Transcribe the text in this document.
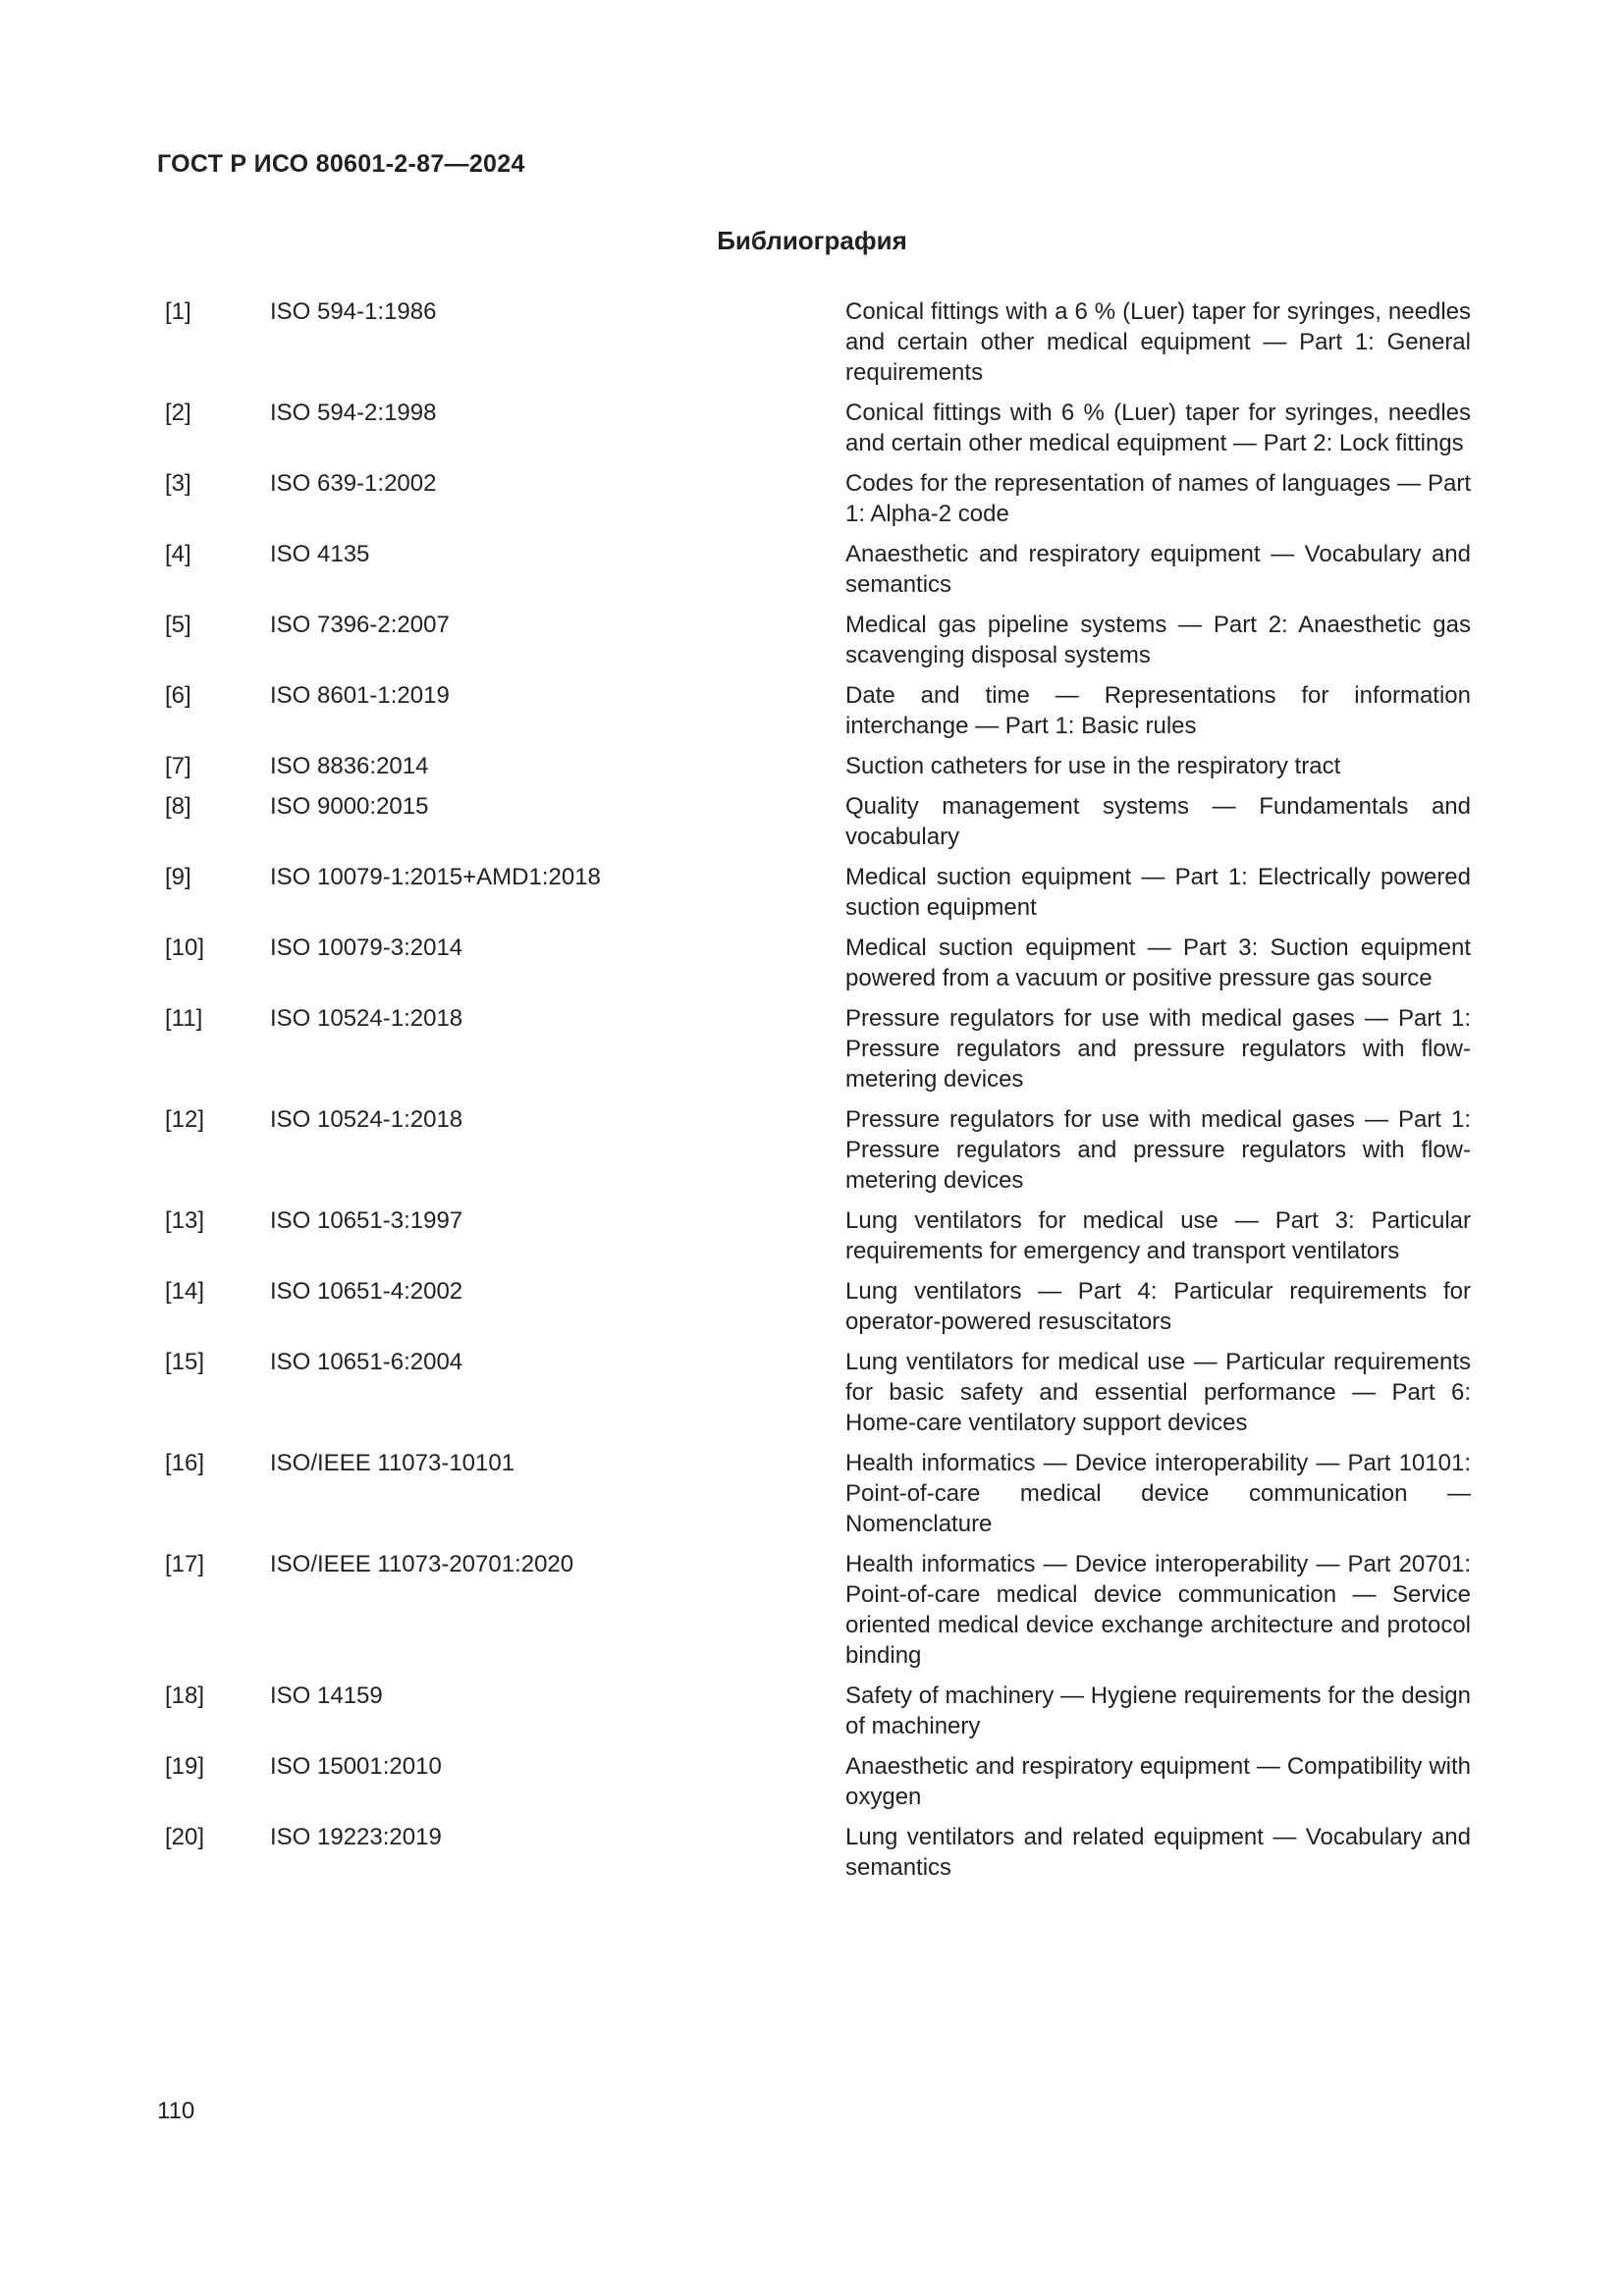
ГОСТ Р ИСО 80601-2-87—2024
Библиография
[1]	ISO 594-1:1986	Conical fittings with a 6 % (Luer) taper for syringes, needles and certain other medical equipment — Part 1: General requirements
[2]	ISO 594-2:1998	Conical fittings with 6 % (Luer) taper for syringes, needles and certain other medical equipment — Part 2: Lock fittings
[3]	ISO 639-1:2002	Codes for the representation of names of languages — Part 1: Alpha-2 code
[4]	ISO 4135	Anaesthetic and respiratory equipment — Vocabulary and semantics
[5]	ISO 7396-2:2007	Medical gas pipeline systems — Part 2: Anaesthetic gas scavenging disposal systems
[6]	ISO 8601-1:2019	Date and time — Representations for information interchange — Part 1: Basic rules
[7]	ISO 8836:2014	Suction catheters for use in the respiratory tract
[8]	ISO 9000:2015	Quality management systems — Fundamentals and vocabulary
[9]	ISO 10079-1:2015+AMD1:2018	Medical suction equipment — Part 1: Electrically powered suction equipment
[10]	ISO 10079-3:2014	Medical suction equipment — Part 3: Suction equipment powered from a vacuum or positive pressure gas source
[11]	ISO 10524-1:2018	Pressure regulators for use with medical gases — Part 1: Pressure regulators and pressure regulators with flow-metering devices
[12]	ISO 10524-1:2018	Pressure regulators for use with medical gases — Part 1: Pressure regulators and pressure regulators with flow-metering devices
[13]	ISO 10651-3:1997	Lung ventilators for medical use — Part 3: Particular requirements for emergency and transport ventilators
[14]	ISO 10651-4:2002	Lung ventilators — Part 4: Particular requirements for operator-powered resuscitators
[15]	ISO 10651-6:2004	Lung ventilators for medical use — Particular requirements for basic safety and essential performance — Part 6: Home-care ventilatory support devices
[16]	ISO/IEEE 11073-10101	Health informatics — Device interoperability — Part 10101: Point-of-care medical device communication — Nomenclature
[17]	ISO/IEEE 11073-20701:2020	Health informatics — Device interoperability — Part 20701: Point-of-care medical device communication — Service oriented medical device exchange architecture and protocol binding
[18]	ISO 14159	Safety of machinery — Hygiene requirements for the design of machinery
[19]	ISO 15001:2010	Anaesthetic and respiratory equipment — Compatibility with oxygen
[20]	ISO 19223:2019	Lung ventilators and related equipment — Vocabulary and semantics
110
